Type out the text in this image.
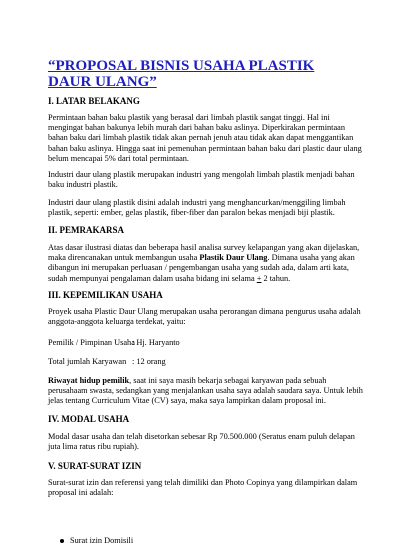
“PROPOSAL BISNIS USAHA PLASTIK
DAUR ULANG”
I. LATAR BELAKANG

Permintaan bahan baku plastik yang berasal dari limbah plastik sangat tinggi. Hal ini mengingat bahan bakunya lebih murah dari bahan baku aslinya. Diperkirakan permintaan bahan baku dari limbah plastik tidak akan pernah jenuh atau tidak akan dapat menggantikan bahan baku aslinya. Hingga saat ini pemenuhan permintaan bahan baku dari plastic daur ulang belum mencapai 5% dari total permintaan.

Industri daur ulang plastik merupakan industri yang mengolah limbah plastik menjadi bahan baku industri plastik.

Industri daur ulang plastik disini adalah industri yang menghancurkan/menggiling limbah plastik, seperti: ember, gelas plastik, fiber-fiber dan paralon bekas menjadi biji plastik.

II. PEMRAKARSA

Atas dasar ilustrasi diatas dan beberapa hasil analisa survey kelapangan yang akan dijelaskan, maka direncanakan untuk membangun usaha Plastik Daur Ulang. Dimana usaha yang akan dibangun ini merupakan perluasan / pengembangan usaha yang sudah ada, dalam arti kata, sudah mempunyai pengalaman dalam usaha bidang ini selama + 2 tahun.

III. KEPEMILIKAN USAHA

Proyek usaha Plastic Daur Ulang merupakan usaha perorangan dimana pengurus usaha adalah anggota-anggota keluarga terdekat, yaitu:

Pemilik / Pimpinan Usaha
: Hj. Haryanto
Total jumlah Karyawan : 12 orang

Riwayat hidup pemilik, saat ini saya masih bekarja sebagai karyawan pada sebuah perusahaam swasta, sedangkan yang menjalankan usaha saya adalah saudara saya. Untuk lebih jelas tentang Curriculum Vitae (CV) saya, maka saya lampirkan dalam proposal ini.

IV. MODAL USAHA

Modal dasar usaha dan telah disetorkan sebesar Rp 70.500.000 (Seratus enam puluh delapan juta lima ratus ribu rupiah).

V. SURAT-SURAT IZIN

Surat-surat izin dan referensi yang telah dimiliki dan Photo Copinya yang dilampirkan dalam proposal ini adalah:

Surat izin Domisili
